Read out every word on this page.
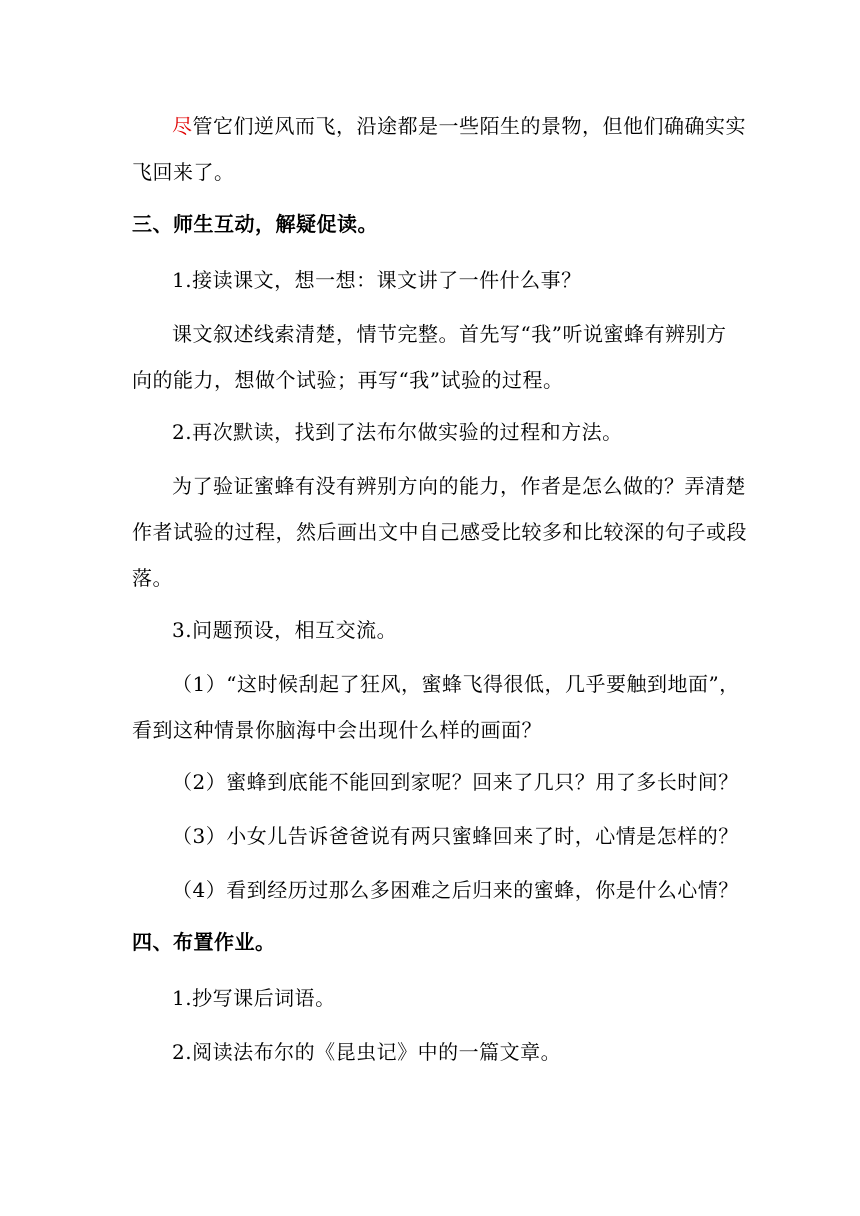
尽管它们逆风而飞，沿途都是一些陌生的景物，但他们确确实实
飞回来了。
三、师生互动，解疑促读。
1.接读课文，想一想：课文讲了一件什么事？
课文叙述线索清楚，情节完整。首先写“我”听说蜜蜂有辨别方
向的能力，想做个试验；再写“我”试验的过程。
2.再次默读，找到了法布尔做实验的过程和方法。
为了验证蜜蜂有没有辨别方向的能力，作者是怎么做的？弄清楚
作者试验的过程，然后画出文中自己感受比较多和比较深的句子或段
落。
3.问题预设，相互交流。
（1）“这时候刮起了狂风，蜜蜂飞得很低，几乎要触到地面”，
看到这种情景你脑海中会出现什么样的画面？
（2）蜜蜂到底能不能回到家呢？回来了几只？用了多长时间？
（3）小女儿告诉爸爸说有两只蜜蜂回来了时，心情是怎样的？
（4）看到经历过那么多困难之后归来的蜜蜂，你是什么心情？
四、布置作业。
1.抄写课后词语。
2.阅读法布尔的《昆虫记》中的一篇文章。
